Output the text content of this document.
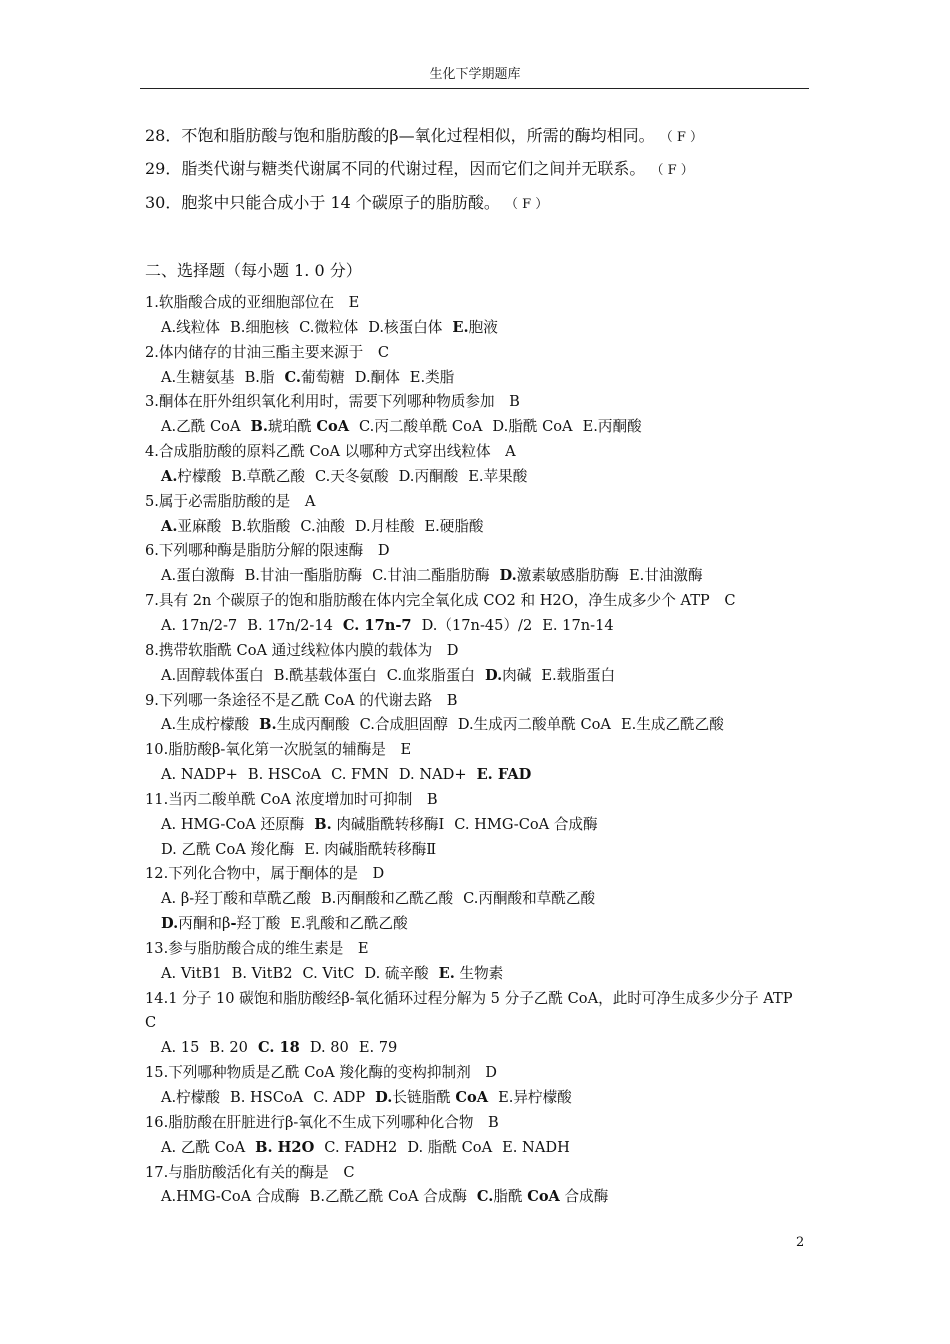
生化下学期题库
28．不饱和脂肪酸与饱和脂肪酸的β—氧化过程相似，所需的酶均相同。 （ F ）
29．脂类代谢与糖类代谢属不同的代谢过程，因而它们之间并无联系。 （ F ）
30．胞浆中只能合成小于 14 个碳原子的脂肪酸。 （ F ）
二、选择题（每小题 1. 0 分）
1.软脂酸合成的亚细胞部位在　E
A.线粒体 B.细胞核 C.微粒体 D.核蛋白体 E.胞液
2.体内储存的甘油三酯主要来源于　C
A.生糖氨基 B.脂 C.葡萄糖 D.酮体 E.类脂
3.酮体在肝外组织氧化利用时，需要下列哪种物质参加　B
A.乙酰 CoA B.琥珀酰 CoA C.丙二酸单酰 CoA D.脂酰 CoA E.丙酮酸
4.合成脂肪酸的原料乙酰 CoA 以哪种方式穿出线粒体　A
A.柠檬酸 B.草酰乙酸 C.天冬氨酸 D.丙酮酸 E.苹果酸
5.属于必需脂肪酸的是　A
A.亚麻酸 B.软脂酸 C.油酸 D.月桂酸 E.硬脂酸
6.下列哪种酶是脂肪分解的限速酶　D
A.蛋白激酶 B.甘油一酯脂肪酶 C.甘油二酯脂肪酶 D.激素敏感脂肪酶 E.甘油激酶
7.具有 2n 个碳原子的饱和脂肪酸在体内完全氧化成 CO2 和 H2O，净生成多少个 ATP　C
A. 17n/2-7 B. 17n/2-14 C. 17n-7 D.（17n-45）/2 E. 17n-14
8.携带软脂酰 CoA 通过线粒体内膜的载体为　D
A.固醇载体蛋白 B.酰基载体蛋白 C.血浆脂蛋白 D.肉碱 E.载脂蛋白
9.下列哪一条途径不是乙酰 CoA 的代谢去路　B
A.生成柠檬酸 B.生成丙酮酸 C.合成胆固醇 D.生成丙二酸单酰 CoA E.生成乙酰乙酸
10.脂肪酸β-氧化第一次脱氢的辅酶是　E
A. NADP+ B. HSCoA C. FMN D. NAD+ E. FAD
11.当丙二酸单酰 CoA 浓度增加时可抑制　B
A. HMG-CoA 还原酶 B. 肉碱脂酰转移酶Ⅰ C. HMG-CoA 合成酶
D. 乙酰 CoA 羧化酶 E. 肉碱脂酰转移酶Ⅱ
12.下列化合物中，属于酮体的是　D
A. β-羟丁酸和草酰乙酸 B.丙酮酸和乙酰乙酸 C.丙酮酸和草酰乙酸
D.丙酮和β-羟丁酸 E.乳酸和乙酰乙酸
13.参与脂肪酸合成的维生素是　E
A. VitB1 B. VitB2 C. VitC D. 硫辛酸 E. 生物素
14.1 分子 10 碳饱和脂肪酸经β-氧化循环过程分解为 5 分子乙酰 CoA，此时可净生成多少分子 ATP　C
A. 15 B. 20 C. 18 D. 80 E. 79
15.下列哪种物质是乙酰 CoA 羧化酶的变构抑制剂　D
A.柠檬酸 B. HSCoA C. ADP D.长链脂酰 CoA E.异柠檬酸
16.脂肪酸在肝脏进行β-氧化不生成下列哪种化合物　B
A. 乙酰 CoA B. H2O C. FADH2 D. 脂酰 CoA E. NADH
17.与脂肪酸活化有关的酶是　C
A.HMG-CoA 合成酶 B.乙酰乙酰 CoA 合成酶 C.脂酰 CoA 合成酶
2
